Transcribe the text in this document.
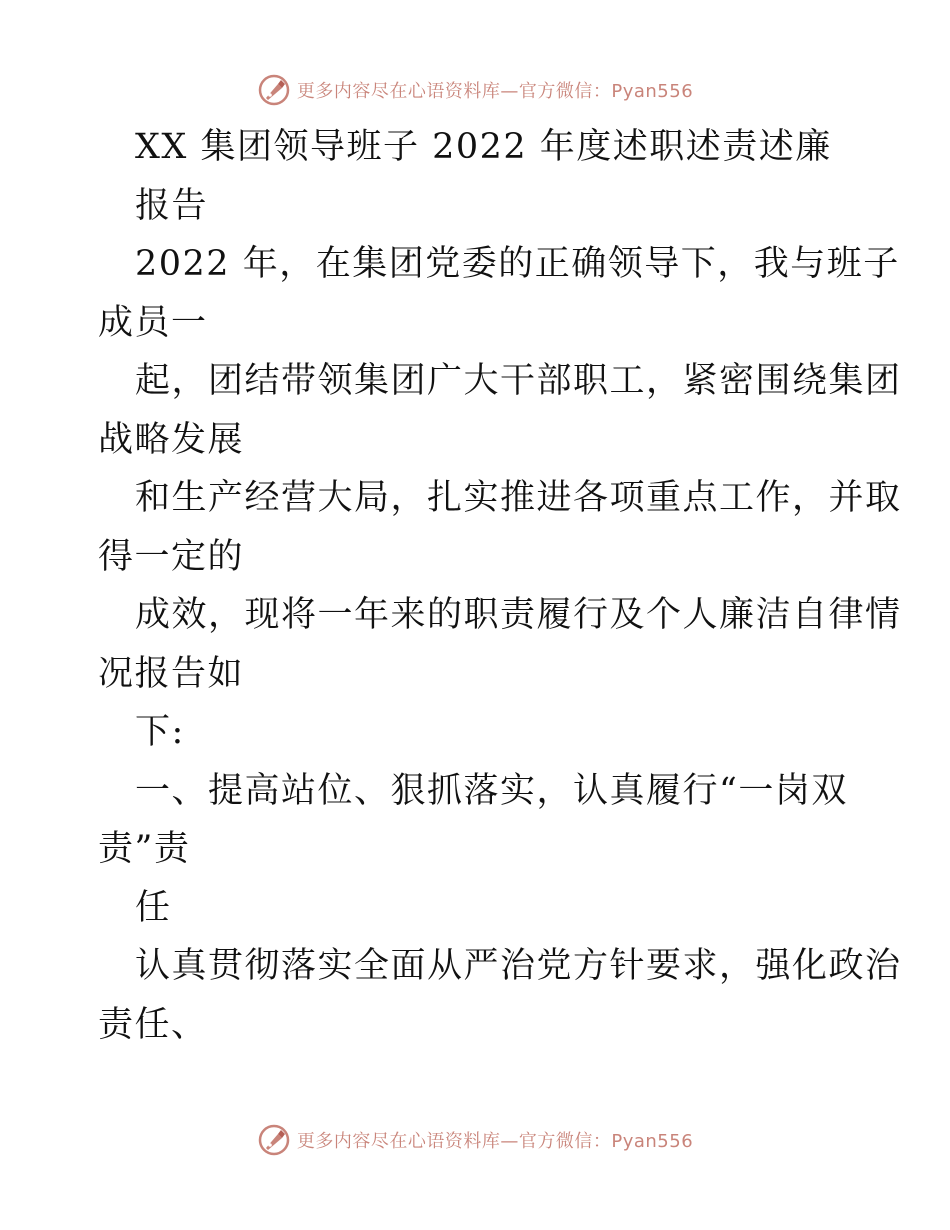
更多内容尽在心语资料库—官方微信：Pyan556
XX 集团领导班子 2022 年度述职述责述廉
报告
2022 年，在集团党委的正确领导下，我与班子
成员一
起，团结带领集团广大干部职工，紧密围绕集团
战略发展
和生产经营大局，扎实推进各项重点工作，并取
得一定的
成效，现将一年来的职责履行及个人廉洁自律情
况报告如
下:
一、提高站位、狠抓落实，认真履行“一岗双
责”责
任
认真贯彻落实全面从严治党方针要求，强化政治
责任、
更多内容尽在心语资料库—官方微信：Pyan556
